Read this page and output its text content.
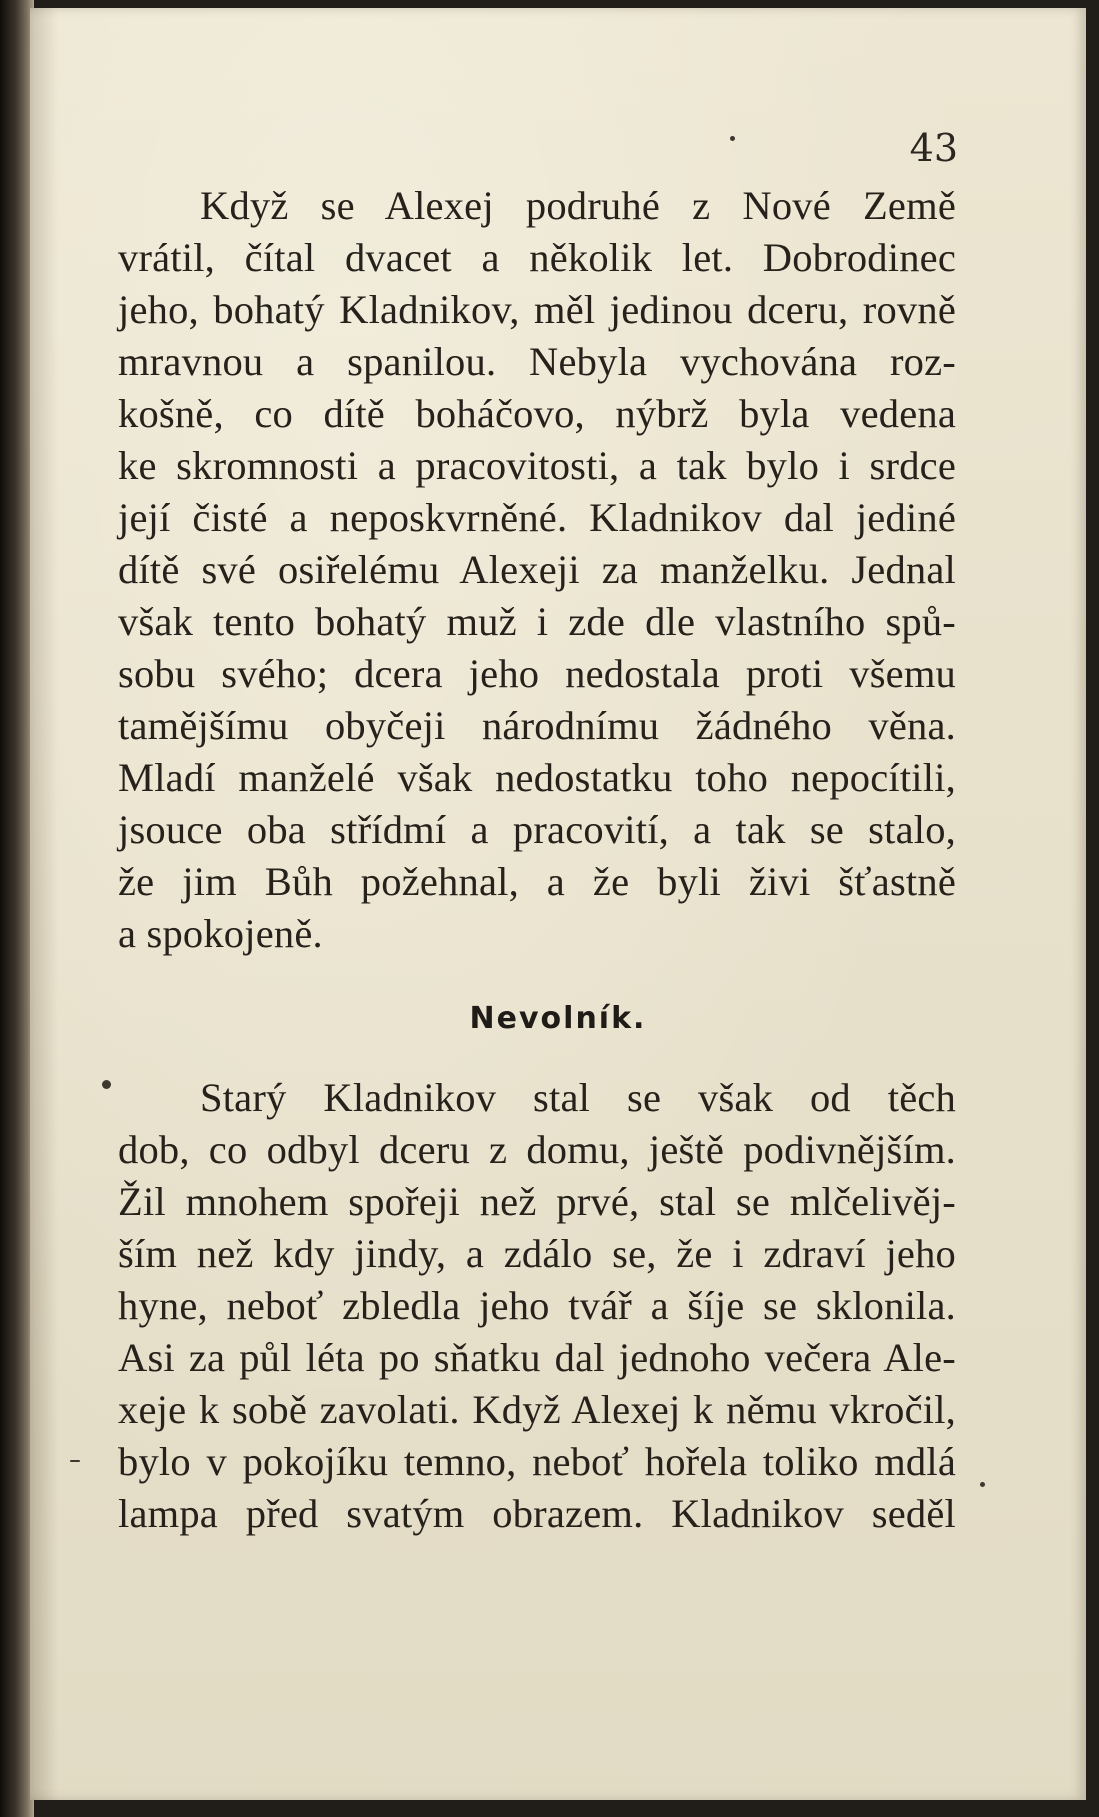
43
Když se Alexej podruhé z Nové Země
vrátil, čítal dvacet a několik let. Dobrodinec
jeho, bohatý Kladnikov, měl jedinou dceru, rovně
mravnou a spanilou. Nebyla vychována roz-
košně, co dítě boháčovo, nýbrž byla vedena
ke skromnosti a pracovitosti, a tak bylo i srdce
její čisté a neposkvrněné. Kladnikov dal jediné
dítě své osiřelému Alexeji za manželku. Jednal
však tento bohatý muž i zde dle vlastního spů-
sobu svého; dcera jeho nedostala proti všemu
tamějšímu obyčeji národnímu žádného věna.
Mladí manželé však nedostatku toho nepocítili,
jsouce oba střídmí a pracovití, a tak se stalo,
že jim Bůh požehnal, a že byli živi šťastně
a spokojeně.
Nevolník.
Starý Kladnikov stal se však od těch
dob, co odbyl dceru z domu, ještě podivnějším.
Žil mnohem spořeji než prvé, stal se mlčelivěj-
ším než kdy jindy, a zdálo se, že i zdraví jeho
hyne, neboť zbledla jeho tvář a šíje se sklonila.
Asi za půl léta po sňatku dal jednoho večera Ale-
xeje k sobě zavolati. Když Alexej k němu vkročil,
bylo v pokojíku temno, neboť hořela toliko mdlá
lampa před svatým obrazem. Kladnikov seděl
